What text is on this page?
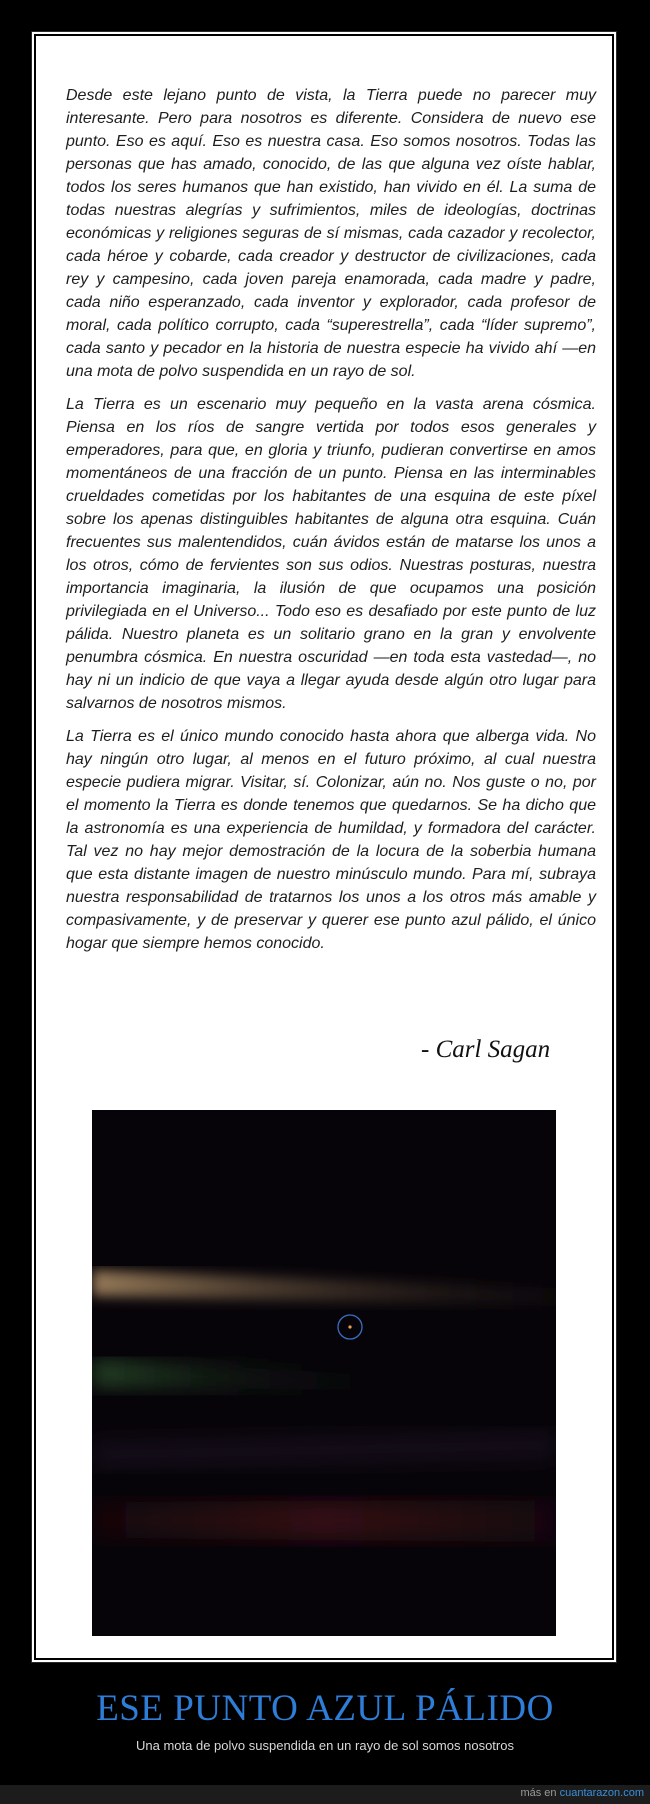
Desde este lejano punto de vista, la Tierra puede no parecer muy interesante. Pero para nosotros es diferente. Considera de nuevo ese punto. Eso es aquí. Eso es nuestra casa. Eso somos nosotros. Todas las personas que has amado, conocido, de las que alguna vez oíste hablar, todos los seres humanos que han existido, han vivido en él. La suma de todas nuestras alegrías y sufrimientos, miles de ideologías, doctrinas económicas y religiones seguras de sí mismas, cada cazador y recolector, cada héroe y cobarde, cada creador y destructor de civilizaciones, cada rey y campesino, cada joven pareja enamorada, cada madre y padre, cada niño esperanzado, cada inventor y explorador, cada profesor de moral, cada político corrupto, cada “superestrella”, cada “líder supremo”, cada santo y pecador en la historia de nuestra especie ha vivido ahí —en una mota de polvo suspendida en un rayo de sol.

La Tierra es un escenario muy pequeño en la vasta arena cósmica. Piensa en los ríos de sangre vertida por todos esos generales y emperadores, para que, en gloria y triunfo, pudieran convertirse en amos momentáneos de una fracción de un punto. Piensa en las interminables crueldades cometidas por los habitantes de una esquina de este píxel sobre los apenas distinguibles habitantes de alguna otra esquina. Cuán frecuentes sus malentendidos, cuán ávidos están de matarse los unos a los otros, cómo de fervientes son sus odios. Nuestras posturas, nuestra importancia imaginaria, la ilusión de que ocupamos una posición privilegiada en el Universo... Todo eso es desafiado por este punto de luz pálida. Nuestro planeta es un solitario grano en la gran y envolvente penumbra cósmica. En nuestra oscuridad —en toda esta vastedad—, no hay ni un indicio de que vaya a llegar ayuda desde algún otro lugar para salvarnos de nosotros mismos.

La Tierra es el único mundo conocido hasta ahora que alberga vida. No hay ningún otro lugar, al menos en el futuro próximo, al cual nuestra especie pudiera migrar. Visitar, sí. Colonizar, aún no. Nos guste o no, por el momento la Tierra es donde tenemos que quedarnos. Se ha dicho que la astronomía es una experiencia de humildad, y formadora del carácter. Tal vez no hay mejor demostración de la locura de la soberbia humana que esta distante imagen de nuestro minúsculo mundo. Para mí, subraya nuestra responsabilidad de tratarnos los unos a los otros más amable y compasivamente, y de preservar y querer ese punto azul pálido, el único hogar que siempre hemos conocido.

- Carl Sagan
ESE PUNTO AZUL PÁLIDO
Una mota de polvo suspendida en un rayo de sol somos nosotros
más en cuantarazon.com
